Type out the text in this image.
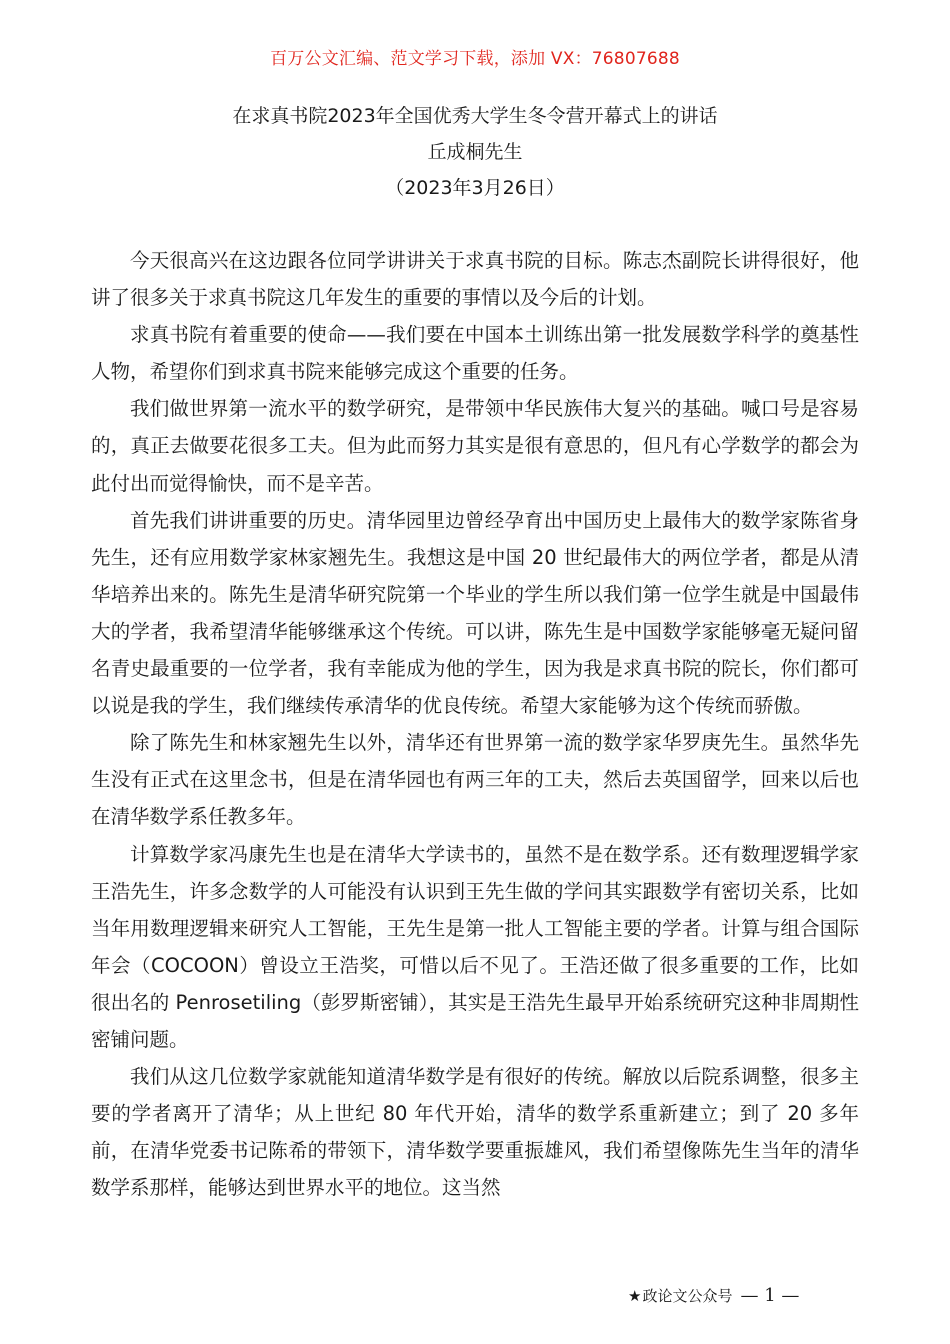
百万公文汇编、范文学习下载，添加 VX：76807688
在求真书院2023年全国优秀大学生冬令营开幕式上的讲话
丘成桐先生
（2023年3月26日）

今天很高兴在这边跟各位同学讲讲关于求真书院的目标。陈志杰副院长讲得很好，他讲了很多关于求真书院这几年发生的重要的事情以及今后的计划。

求真书院有着重要的使命——我们要在中国本土训练出第一批发展数学科学的奠基性人物，希望你们到求真书院来能够完成这个重要的任务。

我们做世界第一流水平的数学研究，是带领中华民族伟大复兴的基础。喊口号是容易的，真正去做要花很多工夫。但为此而努力其实是很有意思的，但凡有心学数学的都会为此付出而觉得愉快，而不是辛苦。

首先我们讲讲重要的历史。清华园里边曾经孕育出中国历史上最伟大的数学家陈省身先生，还有应用数学家林家翘先生。我想这是中国 20 世纪最伟大的两位学者，都是从清华培养出来的。陈先生是清华研究院第一个毕业的学生所以我们第一位学生就是中国最伟大的学者，我希望清华能够继承这个传统。可以讲，陈先生是中国数学家能够毫无疑问留名青史最重要的一位学者，我有幸能成为他的学生，因为我是求真书院的院长，你们都可以说是我的学生，我们继续传承清华的优良传统。希望大家能够为这个传统而骄傲。

除了陈先生和林家翘先生以外，清华还有世界第一流的数学家华罗庚先生。虽然华先生没有正式在这里念书，但是在清华园也有两三年的工夫，然后去英国留学，回来以后也在清华数学系任教多年。

计算数学家冯康先生也是在清华大学读书的，虽然不是在数学系。还有数理逻辑学家王浩先生，许多念数学的人可能没有认识到王先生做的学问其实跟数学有密切关系，比如当年用数理逻辑来研究人工智能，王先生是第一批人工智能主要的学者。计算与组合国际年会（COCOON）曾设立王浩奖，可惜以后不见了。王浩还做了很多重要的工作，比如很出名的 Penrosetiling（彭罗斯密铺），其实是王浩先生最早开始系统研究这种非周期性密铺问题。

我们从这几位数学家就能知道清华数学是有很好的传统。解放以后院系调整，很多主要的学者离开了清华；从上世纪 80 年代开始，清华的数学系重新建立；到了 20 多年前，在清华党委书记陈希的带领下，清华数学要重振雄风，我们希望像陈先生当年的清华数学系那样，能够达到世界水平的地位。这当然

★政论文公众号 — 1 —
